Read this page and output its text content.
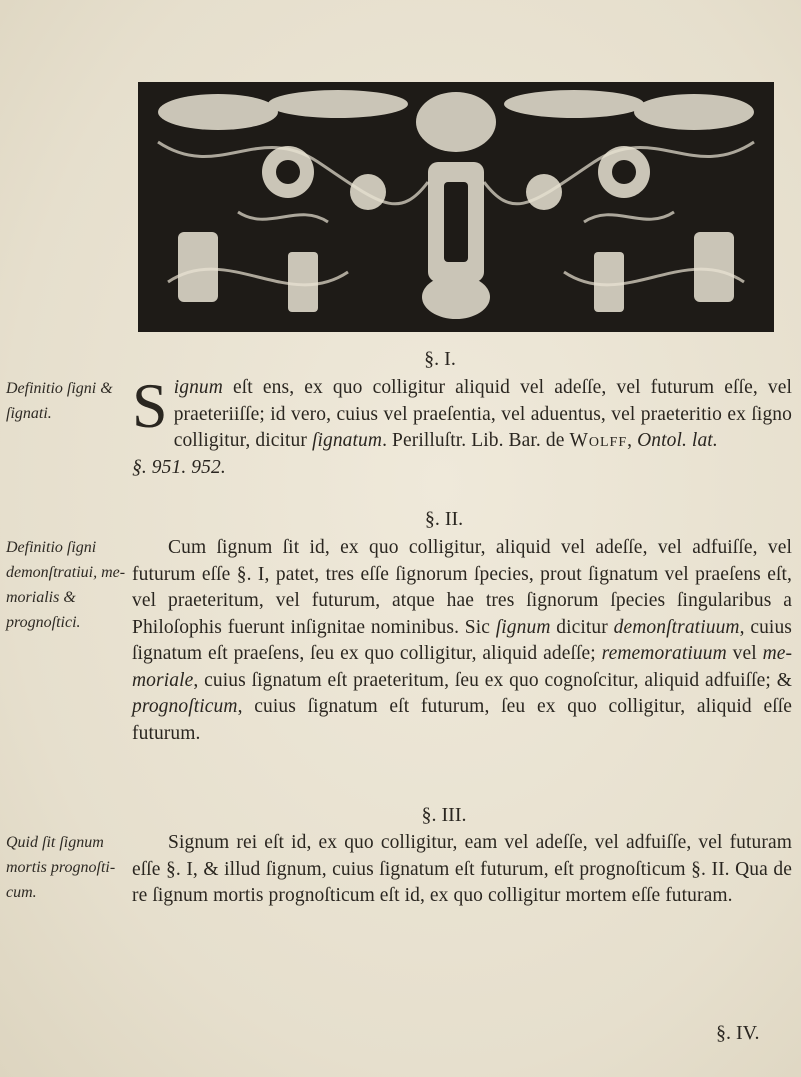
§. I.
Definitio ſigni & ſignati.	Signum eſt ens, ex quo colligitur aliquid vel adeſſe, vel futurum eſſe, vel praeteriiſſe; id vero, cuius vel praeſentia, vel aduentus, vel praeteritio ex ſigno colligitur, dicitur ſignatum. Perilluſtr. Lib. Bar. de Wolff, Ontol. lat.
§. 951. 952.
§. II.
Definitio ſigni demonſtratiui, memorialis & prognoſtici.
Cum ſignum ſit id, ex quo colligitur, aliquid vel adeſſe, vel adfuiſſe, vel futurum eſſe §. I, patet, tres eſſe ſignorum ſpecies, prout ſignatum vel praeſens eſt, vel praeteritum, vel futurum, atque hae tres ſignorum ſpecies ſingularibus a Philoſophis fuerunt inſignitae nominibus. Sic ſignum dicitur demonſtratiuum, cuius ſignatum eſt praeſens, ſeu ex quo colligitur, aliquid adeſſe; rememoratiuum vel memoriale, cuius ſignatum eſt praeteritum, ſeu ex quo cognoſcitur, aliquid adfuiſſe; & prognoſticum, cuius ſignatum eſt futurum, ſeu ex quo colligitur, aliquid eſſe futurum.
§. III.
Quid ſit ſignum mortis prognoſticum.
Signum rei eſt id, ex quo colligitur, eam vel adeſſe, vel adfuiſſe, vel futuram eſſe §. I, & illud ſignum, cuius ſignatum eſt futurum, eſt prognoſticum §. II. Qua de re ſignum mortis prognoſticum eſt id, ex quo colligitur mortem eſſe futuram.
§. IV.
